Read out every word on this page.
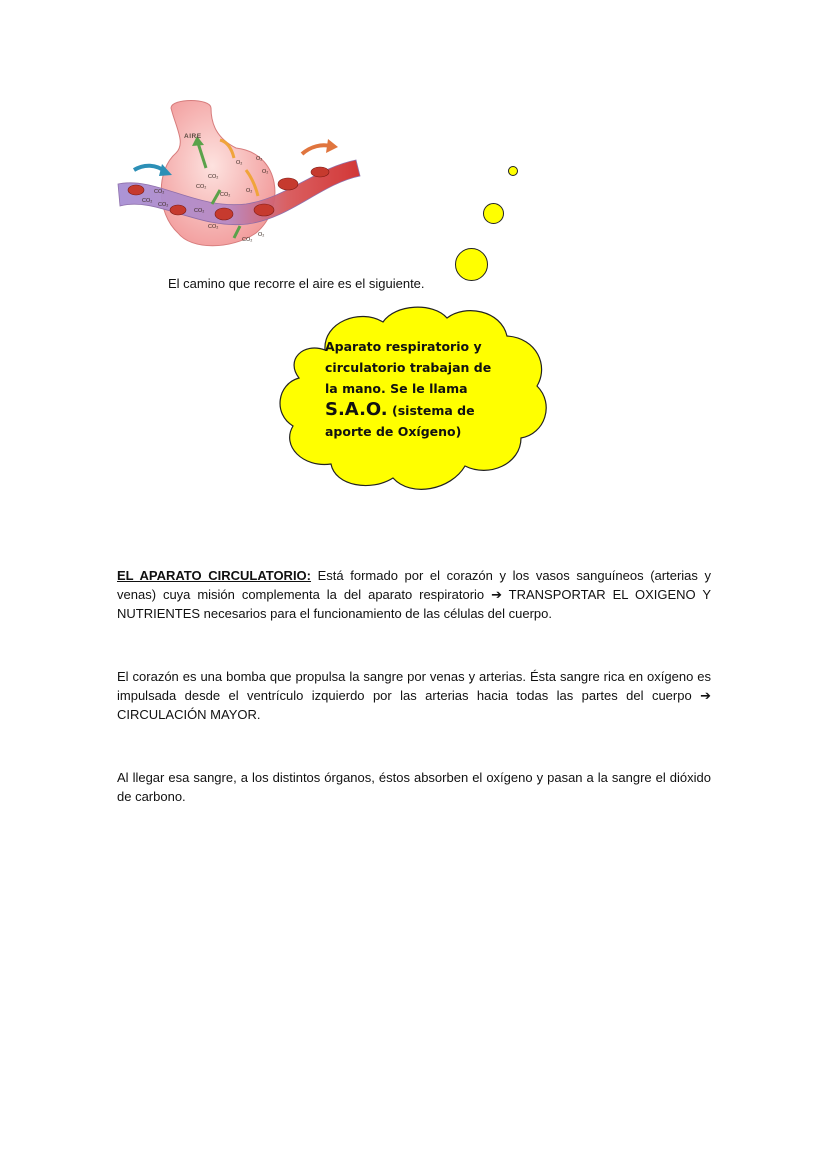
AIRE
CO₂
CO₂
CO₂
CO₂
CO₂
CO₂
CO₂
CO₂
CO₂
O₂
O₂
O₂
O₂
O₂
El camino que recorre el aire es el siguiente.
Aparato respiratorio y
circulatorio trabajan de
la mano. Se le llama
S.A.O. (sistema de
aporte de Oxígeno)

EL APARATO CIRCULATORIO: Está formado por el corazón y los vasos sanguíneos (arterias y venas) cuya misión complementa la del aparato respiratorio ➔ TRANSPORTAR EL OXIGENO Y NUTRIENTES necesarios para el funcionamiento de las células del cuerpo.

El corazón es una bomba que propulsa la sangre por venas y arterias. Ésta sangre rica en oxígeno es impulsada desde el ventrículo izquierdo por las arterias hacia todas las partes del cuerpo ➔ CIRCULACIÓN MAYOR.

Al llegar esa sangre, a los distintos órganos, éstos absorben el oxígeno y pasan a la sangre el dióxido de carbono.
